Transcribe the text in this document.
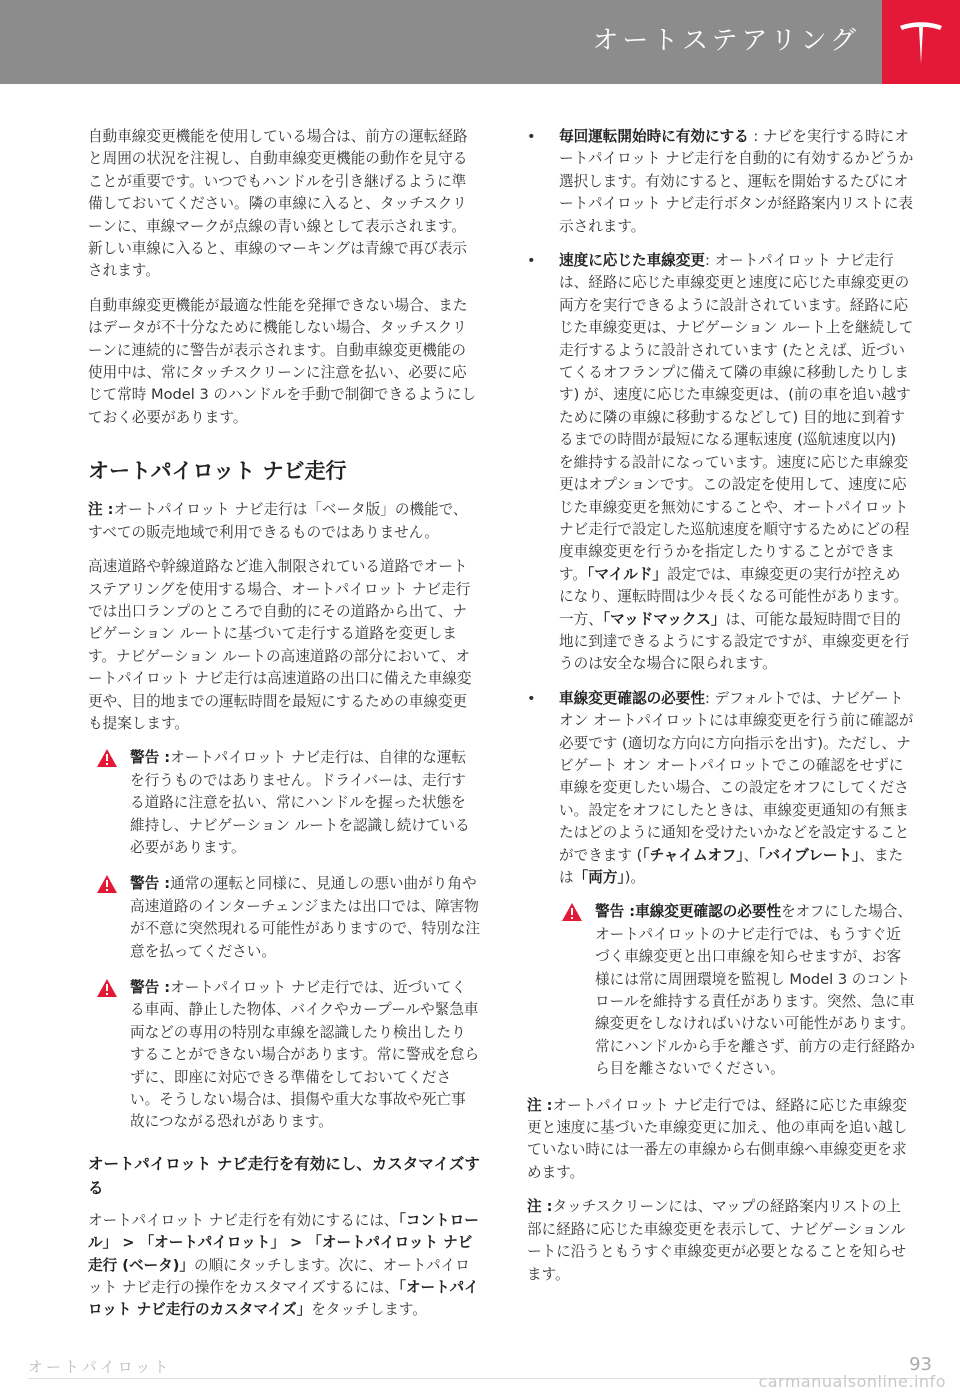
オートステアリング

自動車線変更機能を使用している場合は、前方の運転経路と周囲の状況を注視し、自動車線変更機能の動作を見守ることが重要です。いつでもハンドルを引き継げるように準備しておいてください。隣の車線に入ると、タッチスクリーンに、車線マークが点線の青い線として表示されます。新しい車線に入ると、車線のマーキングは青線で再び表示されます。

自動車線変更機能が最適な性能を発揮できない場合、またはデータが不十分なために機能しない場合、タッチスクリーンに連続的に警告が表示されます。自動車線変更機能の使用中は、常にタッチスクリーンに注意を払い、必要に応じて常時 Model 3 のハンドルを手動で制御できるようにしておく必要があります。

オートパイロット ナビ走行

注 :オートパイロット ナビ走行は「ベータ版」の機能で、すべての販売地域で利用できるものではありません。

高速道路や幹線道路など進入制限されている道路でオートステアリングを使用する場合、オートパイロット ナビ走行では出口ランプのところで自動的にその道路から出て、ナビゲーション ルートに基づいて走行する道路を変更します。ナビゲーション ルートの高速道路の部分において、オートパイロット ナビ走行は高速道路の出口に備えた車線変更や、目的地までの運転時間を最短にするための車線変更も提案します。

警告 :オートパイロット ナビ走行は、自律的な運転を行うものではありません。ドライバーは、走行する道路に注意を払い、常にハンドルを握った状態を維持し、ナビゲーション ルートを認識し続けている必要があります。
警告 :通常の運転と同様に、見通しの悪い曲がり角や高速道路のインターチェンジまたは出口では、障害物が不意に突然現れる可能性がありますので、特別な注意を払ってください。
警告 :オートパイロット ナビ走行では、近づいてくる車両、静止した物体、バイクやカープールや緊急車両などの専用の特別な車線を認識したり検出したりすることができない場合があります。常に警戒を怠らずに、即座に対応できる準備をしておいてください。そうしない場合は、損傷や重大な事故や死亡事故につながる恐れがあります。
オートパイロット ナビ走行を有効にし、カスタマイズする

オートパイロット ナビ走行を有効にするには、「コントロール」 > 「オートパイロット」 > 「オートパイロット ナビ走行 (ベータ)」の順にタッチします。次に、オートパイロット ナビ走行の操作をカスタマイズするには、「オートパイロット ナビ走行のカスタマイズ」をタッチします。

• 毎回運転開始時に有効にする : ナビを実行する時にオートパイロット ナビ走行を自動的に有効するかどうか選択します。有効にすると、運転を開始するたびにオートパイロット ナビ走行ボタンが経路案内リストに表示されます。
• 速度に応じた車線変更: オートパイロット ナビ走行は、経路に応じた車線変更と速度に応じた車線変更の両方を実行できるように設計されています。経路に応じた車線変更は、ナビゲーション ルート上を継続して走行するように設計されています (たとえば、近づいてくるオフランプに備えて隣の車線に移動したりします) が、速度に応じた車線変更は、(前の車を追い越すために隣の車線に移動するなどして) 目的地に到着するまでの時間が最短になる運転速度 (巡航速度以内) を維持する設計になっています。速度に応じた車線変更はオプションです。この設定を使用して、速度に応じた車線変更を無効にすることや、オートパイロット ナビ走行で設定した巡航速度を順守するためにどの程度車線変更を行うかを指定したりすることができます。「マイルド」設定では、車線変更の実行が控えめになり、運転時間は少々長くなる可能性があります。一方、「マッドマックス」は、可能な最短時間で目的地に到達できるようにする設定ですが、車線変更を行うのは安全な場合に限られます。
• 車線変更確認の必要性: デフォルトでは、ナビゲート オン オートパイロットには車線変更を行う前に確認が必要です (適切な方向に方向指示を出す)。ただし、ナビゲート オン オートパイロットでこの確認をせずに車線を変更したい場合、この設定をオフにしてください。設定をオフにしたときは、車線変更通知の有無またはどのように通知を受けたいかなどを設定することができます (「チャイムオフ」、「バイブレート」、または「両方」)。
警告 :車線変更確認の必要性をオフにした場合、オートパイロットのナビ走行では、もうすぐ近づく車線変更と出口車線を知らせますが、お客様には常に周囲環境を監視し Model 3 のコントロールを維持する責任があります。突然、急に車線変更をしなければいけない可能性があります。常にハンドルから手を離さず、前方の走行経路から目を離さないでください。

注 :オートパイロット ナビ走行では、経路に応じた車線変更と速度に基づいた車線変更に加え、他の車両を追い越していない時には一番左の車線から右側車線へ車線変更を求めます。

注 :タッチスクリーンには、マップの経路案内リストの上部に経路に応じた車線変更を表示して、ナビゲーションルートに沿うともうすぐ車線変更が必要となることを知らせます。

オートパイロット	93
carmanualsonline.info
